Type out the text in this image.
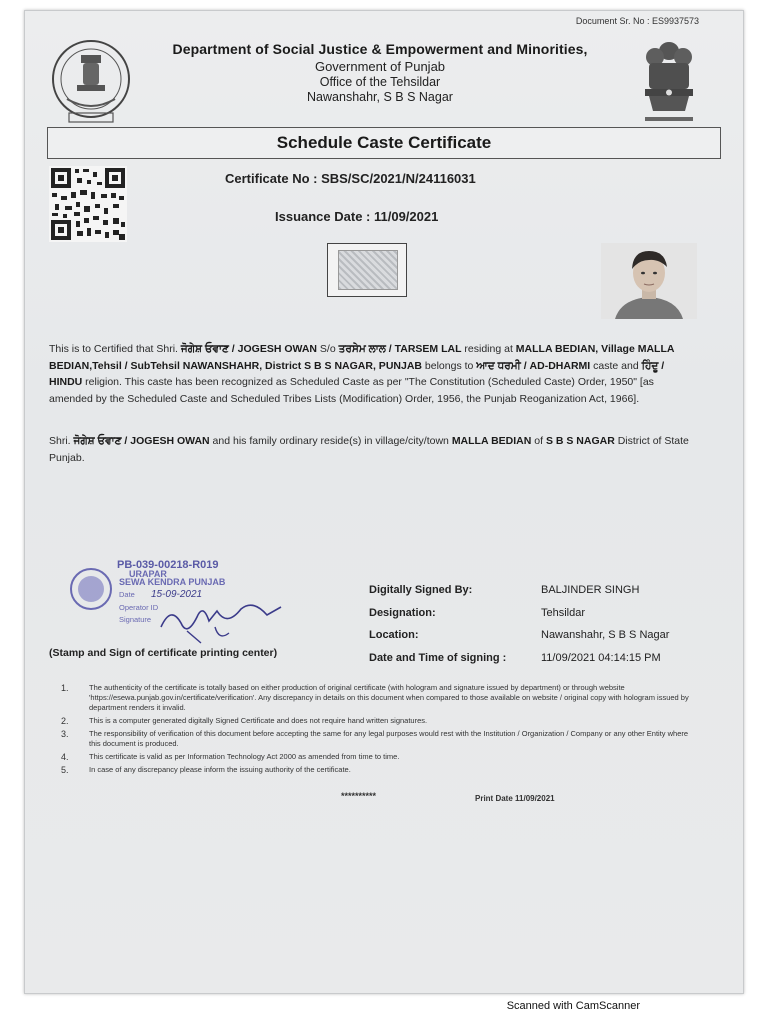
Document Sr. No : ES9937573
Department of Social Justice & Empowerment and Minorities,
Government of Punjab
Office of the Tehsildar
Nawanshahr, S B S Nagar
Schedule Caste Certificate
Certificate No : SBS/SC/2021/N/24116031
Issuance Date : 11/09/2021
This is to Certified that Shri. ਜੋਗੇਸ਼ ਓਵਾਣ / JOGESH OWAN S/o ਤਰਸੇਮ ਲਾਲ / TARSEM LAL residing at MALLA BEDIAN, Village MALLA BEDIAN,Tehsil / SubTehsil NAWANSHAHR, District S B S NAGAR, PUNJAB belongs to ਆਦ ਧਰਮੀ / AD-DHARMI caste and ਹਿੰਦੂ / HINDU religion. This caste has been recognized as Scheduled Caste as per "The Constitution (Scheduled Caste) Order, 1950" [as amended by the Scheduled Caste and Scheduled Tribes Lists (Modification) Order, 1956, the Punjab Reoganization Act, 1966].
Shri. ਜੋਗੇਸ਼ ਓਵਾਣ / JOGESH OWAN and his family ordinary reside(s) in village/city/town MALLA BEDIAN of S B S NAGAR District of State Punjab.
PB-039-00218-R019
URAPAR
SEWA KENDRA PUNJAB
Date 15-09-2021
Operator ID
Signature
(Stamp and Sign of certificate printing center)
Digitally Signed By:	BALJINDER SINGH
Designation:	Tehsildar
Location:	Nawanshahr, S B S Nagar
Date and Time of signing :	11/09/2021 04:14:15 PM
1.	The authenticity of the certificate is totally based on either production of original certificate (with hologram and signature issued by department) or through website 'https://esewa.punjab.gov.in/certificate/verification'. Any discrepancy in details on this document when compared to those available on website / original copy with hologram issued by department renders it invalid.
2.	This is a computer generated digitally Signed Certificate and does not require hand written signatures.
3.	The responsibility of verification of this document before accepting the same for any legal purposes would rest with the Institution / Organization / Company or any other Entity where this document is produced.
4.	This certificate is valid as per Information Technology Act 2000 as amended from time to time.
5.	In case of any discrepancy please inform the issuing authority of the certificate.
**********	Print Date 11/09/2021
Scanned with CamScanner
